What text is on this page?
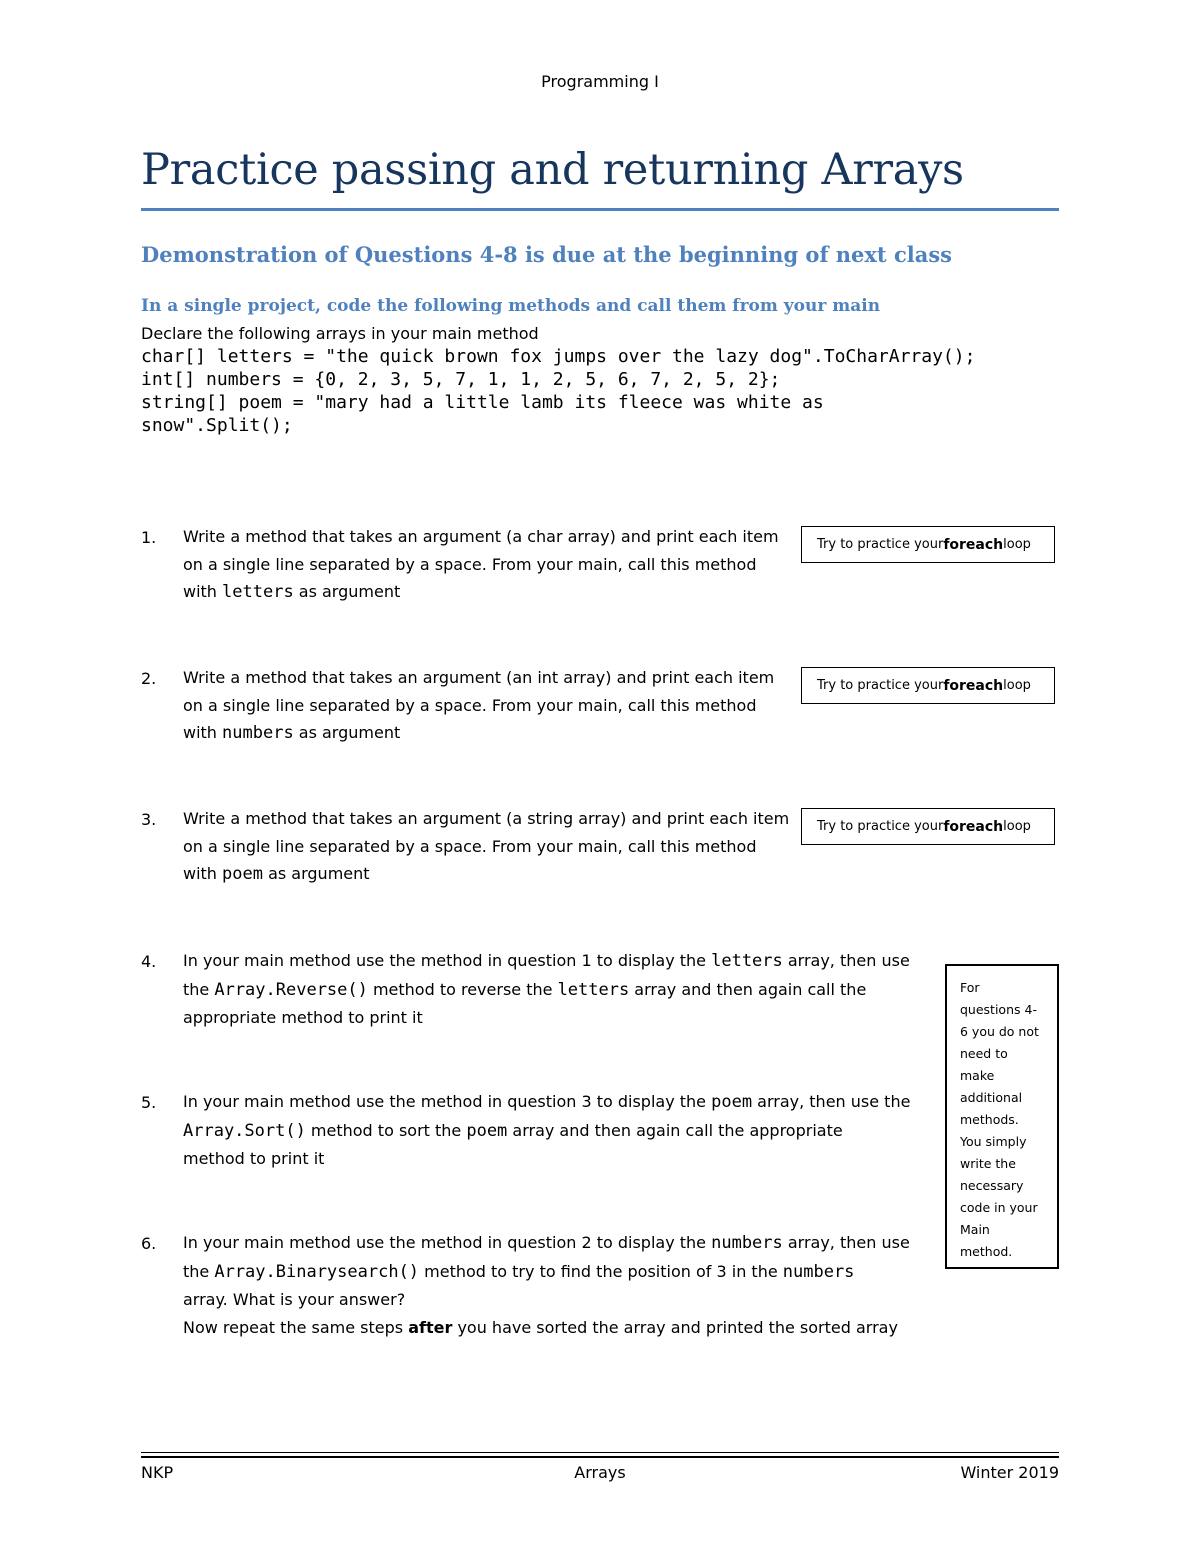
Programming I
Practice passing and returning Arrays
Demonstration of Questions 4-8 is due at the beginning of next class
In a single project, code the following methods and call them from your main
Declare the following arrays in your main method
char[] letters = "the quick brown fox jumps over the lazy dog".ToCharArray();
int[] numbers = {0, 2, 3, 5, 7, 1, 1, 2, 5, 6, 7, 2, 5, 2};
string[] poem = "mary had a little lamb its fleece was white as
snow".Split();
1. Write a method that takes an argument (a char array) and print each item
on a single line separated by a space. From your main, call this method
with letters as argument
Try to practice your foreach loop
2. Write a method that takes an argument (an int array) and print each item
on a single line separated by a space. From your main, call this method
with numbers as argument
Try to practice your foreach loop
3. Write a method that takes an argument (a string array) and print each item
on a single line separated by a space. From your main, call this method
with poem as argument
Try to practice your foreach loop
4. In your main method use the method in question 1 to display the letters array, then use
the Array.Reverse() method to reverse the letters array and then again call the
appropriate method to print it
5. In your main method use the method in question 3 to display the poem array, then use the
Array.Sort() method to sort the poem array and then again call the appropriate
method to print it
6. In your main method use the method in question 2 to display the numbers array, then use
the Array.Binarysearch() method to try to find the position of 3 in the numbers
array. What is your answer?
Now repeat the same steps after you have sorted the array and printed the sorted array
For
questions 4-
6 you do not
need to
make
additional
methods.
You simply
write the
necessary
code in your
Main
method.
NKP	Arrays	Winter 2019
